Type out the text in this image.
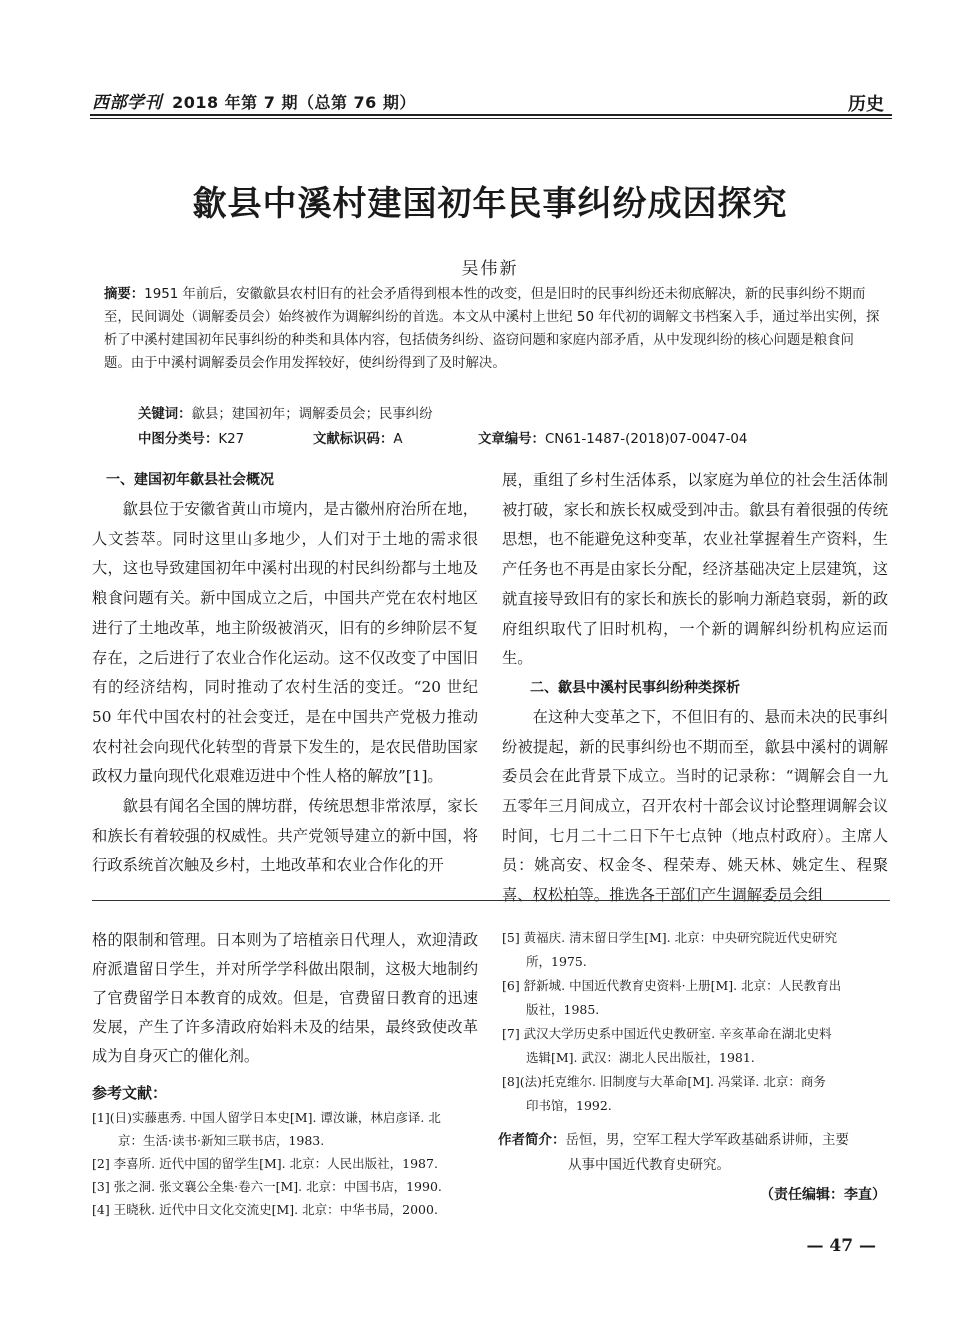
西部学刊 2018 年第 7 期（总第 76 期）	历史
歙县中溪村建国初年民事纠纷成因探究
吴伟新
摘要：1951 年前后，安徽歙县农村旧有的社会矛盾得到根本性的改变，但是旧时的民事纠纷还未彻底解决，新的民事纠纷不期而至，民间调处（调解委员会）始终被作为调解纠纷的首选。本文从中溪村上世纪 50 年代初的调解文书档案入手，通过举出实例，探析了中溪村建国初年民事纠纷的种类和具体内容，包括债务纠纷、盗窃问题和家庭内部矛盾，从中发现纠纷的核心问题是粮食问题。由于中溪村调解委员会作用发挥较好，使纠纷得到了及时解决。
关键词：歙县；建国初年；调解委员会；民事纠纷
中图分类号：K27	文献标识码：A	文章编号：CN61-1487-(2018)07-0047-04
一、建国初年歙县社会概况

歙县位于安徽省黄山市境内，是古徽州府治所在地，人文荟萃。同时这里山多地少，人们对于土地的需求很大，这也导致建国初年中溪村出现的村民纠纷都与土地及粮食问题有关。新中国成立之后，中国共产党在农村地区进行了土地改革，地主阶级被消灭，旧有的乡绅阶层不复存在，之后进行了农业合作化运动。这不仅改变了中国旧有的经济结构，同时推动了农村生活的变迁。“20 世纪 50 年代中国农村的社会变迁，是在中国共产党极力推动农村社会向现代化转型的背景下发生的，是农民借助国家政权力量向现代化艰难迈进中个性人格的解放”[1]。

歙县有闻名全国的牌坊群，传统思想非常浓厚，家长和族长有着较强的权威性。共产党领导建立的新中国，将行政系统首次触及乡村，土地改革和农业合作化的开

展，重组了乡村生活体系，以家庭为单位的社会生活体制被打破，家长和族长权威受到冲击。歙县有着很强的传统思想，也不能避免这种变革，农业社掌握着生产资料，生产任务也不再是由家长分配，经济基础决定上层建筑，这就直接导致旧有的家长和族长的影响力渐趋衰弱，新的政府组织取代了旧时机构，一个新的调解纠纷机构应运而生。

二、歙县中溪村民事纠纷种类探析

在这种大变革之下，不但旧有的、悬而未决的民事纠纷被提起，新的民事纠纷也不期而至，歙县中溪村的调解委员会在此背景下成立。当时的记录称：“调解会自一九五零年三月间成立，召开农村十部会议讨论整理调解会议时间，七月二十二日下午七点钟（地点村政府）。主席人员：姚高安、权金冬、程荣寿、姚天林、姚定生、程聚喜、权松柏等。推选各干部们产生调解委员会组

格的限制和管理。日本则为了培植亲日代理人，欢迎清政府派遣留日学生，并对所学学科做出限制，这极大地制约了官费留学日本教育的成效。但是，官费留日教育的迅速发展，产生了许多清政府始料未及的结果，最终致使改革成为自身灭亡的催化剂。

参考文献：
[1](日)实藤惠秀. 中国人留学日本史[M]. 谭汝谦，林启彦译. 北
京：生活·读书·新知三联书店，1983.
[2] 李喜所. 近代中国的留学生[M]. 北京：人民出版社，1987.
[3] 张之洞. 张文襄公全集·卷六一[M]. 北京：中国书店，1990.
[4] 王晓秋. 近代中日文化交流史[M]. 北京：中华书局，2000.
[5] 黄福庆. 清末留日学生[M]. 北京：中央研究院近代史研究
所，1975.
[6] 舒新城. 中国近代教育史资料·上册[M]. 北京：人民教育出
版社，1985.
[7] 武汉大学历史系中国近代史教研室. 辛亥革命在湖北史料
选辑[M]. 武汉：湖北人民出版社，1981.
[8](法)托克维尔. 旧制度与大革命[M]. 冯棠译. 北京：商务
印书馆，1992.
作者简介：岳恒，男，空军工程大学军政基础系讲师，主要
从事中国近代教育史研究。
（责任编辑：李直）
— 47 —
